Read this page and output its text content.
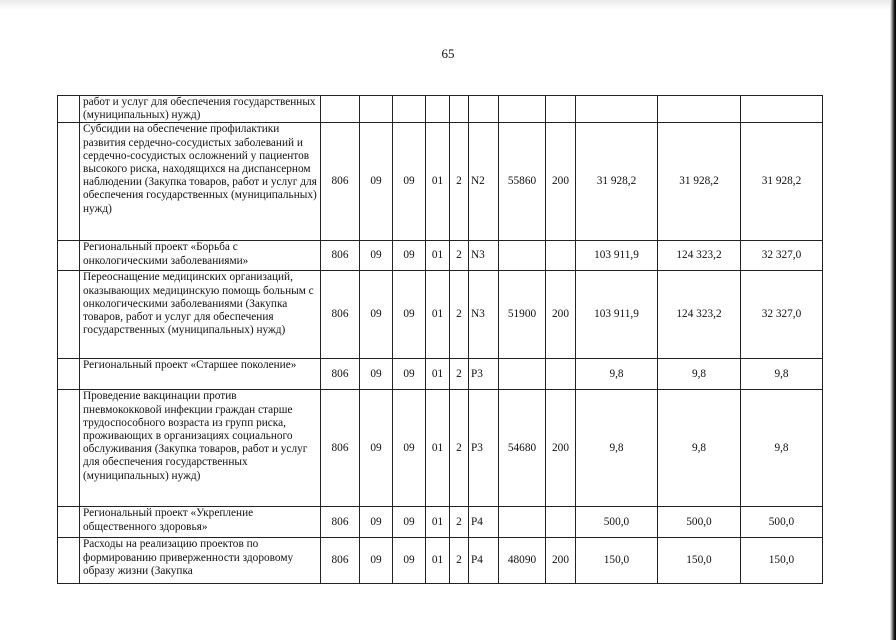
65
	работ и услуг для обеспечения государственных (муниципальных) нужд)											
	Субсидии на обеспечение профилактики развития сердечно-сосудистых заболеваний и сердечно-сосудистых осложнений у пациентов высокого риска, находящихся на диспансерном наблюдении (Закупка товаров, работ и услуг для обеспечения государственных (муниципальных) нужд)	806	09	09	01	2	N2	55860	200	31 928,2	31 928,2	31 928,2
	Региональный проект «Борьба с онкологическими заболеваниями»	806	09	09	01	2	N3			103 911,9	124 323,2	32 327,0
	Переоснащение медицинских организаций, оказывающих медицинскую помощь больным с онкологическими заболеваниями (Закупка товаров, работ и услуг для обеспечения государственных (муниципальных) нужд)	806	09	09	01	2	N3	51900	200	103 911,9	124 323,2	32 327,0
	Региональный проект «Старшее поколение»	806	09	09	01	2	P3			9,8	9,8	9,8
	Проведение вакцинации против пневмококковой инфекции граждан старше трудоспособного возраста из групп риска, проживающих в организациях социального обслуживания (Закупка товаров, работ и услуг для обеспечения государственных (муниципальных) нужд)	806	09	09	01	2	P3	54680	200	9,8	9,8	9,8
	Региональный проект «Укрепление общественного здоровья»	806	09	09	01	2	P4			500,0	500,0	500,0
	Расходы на реализацию проектов по формированию приверженности здоровому образу жизни (Закупка	806	09	09	01	2	P4	48090	200	150,0	150,0	150,0
